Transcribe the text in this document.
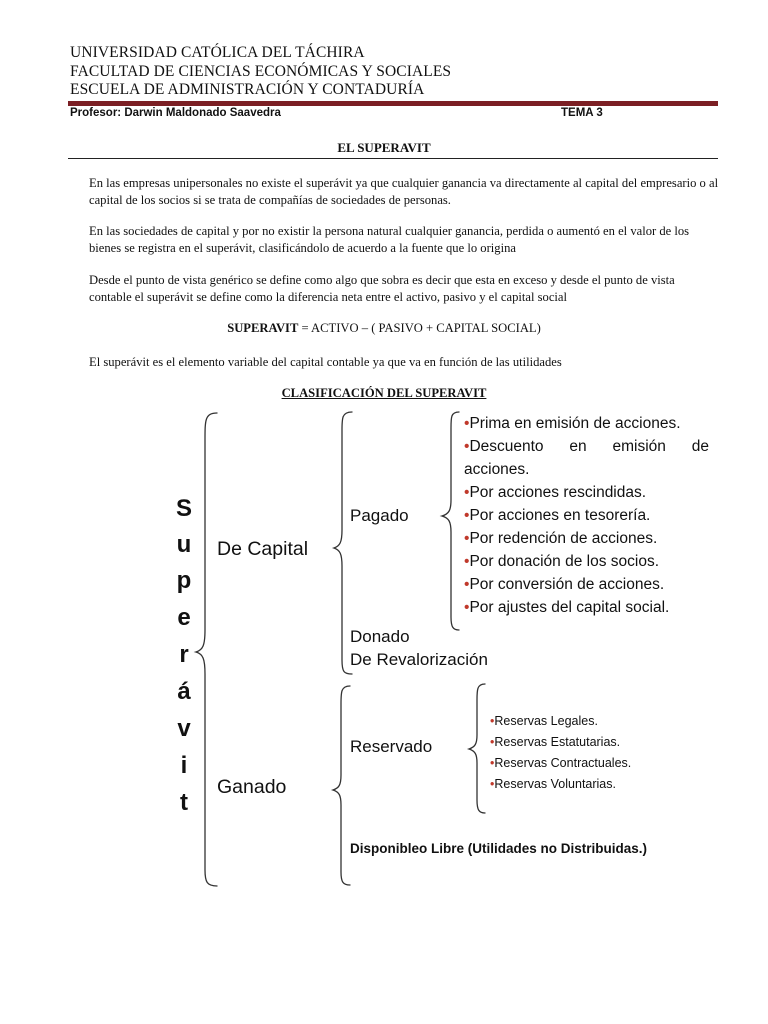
UNIVERSIDAD CATÓLICA DEL TÁCHIRA
FACULTAD DE CIENCIAS ECONÓMICAS Y SOCIALES
ESCUELA DE ADMINISTRACIÓN Y CONTADURÍA
Profesor: Darwin Maldonado Saavedra	TEMA 3
EL SUPERAVIT
En las empresas unipersonales no existe el superávit ya que cualquier ganancia va directamente al capital del empresario o al capital de los socios si se trata de compañías de sociedades de personas.
En las sociedades de capital y por no existir la persona natural cualquier ganancia, perdida o aumentó en el valor de los bienes se registra en el superávit, clasificándolo de acuerdo a la fuente que lo origina
Desde el punto de vista genérico se define como algo que sobra es decir que esta en exceso y desde el punto de vista contable el superávit se define como la diferencia neta entre el activo, pasivo y el capital social
SUPERAVIT = ACTIVO – ( PASIVO + CAPITAL SOCIAL)
El superávit es el elemento variable del capital contable ya que va en función de las utilidades
CLASIFICACIÓN DEL SUPERAVIT
S
u
p
e
r
á
v
i
t
De Capital
Ganado
Pagado
Donado
De Revalorización
Reservado
•Prima en emisión de acciones.
•Descuento en emisión de
acciones.
•Por acciones rescindidas.
•Por acciones en tesorería.
•Por redención de acciones.
•Por donación de los socios.
•Por conversión de acciones.
•Por ajustes del capital social.
•Reservas Legales.
•Reservas Estatutarias.
•Reservas Contractuales.
•Reservas Voluntarias.
Disponibleo Libre (Utilidades no Distribuidas.)
